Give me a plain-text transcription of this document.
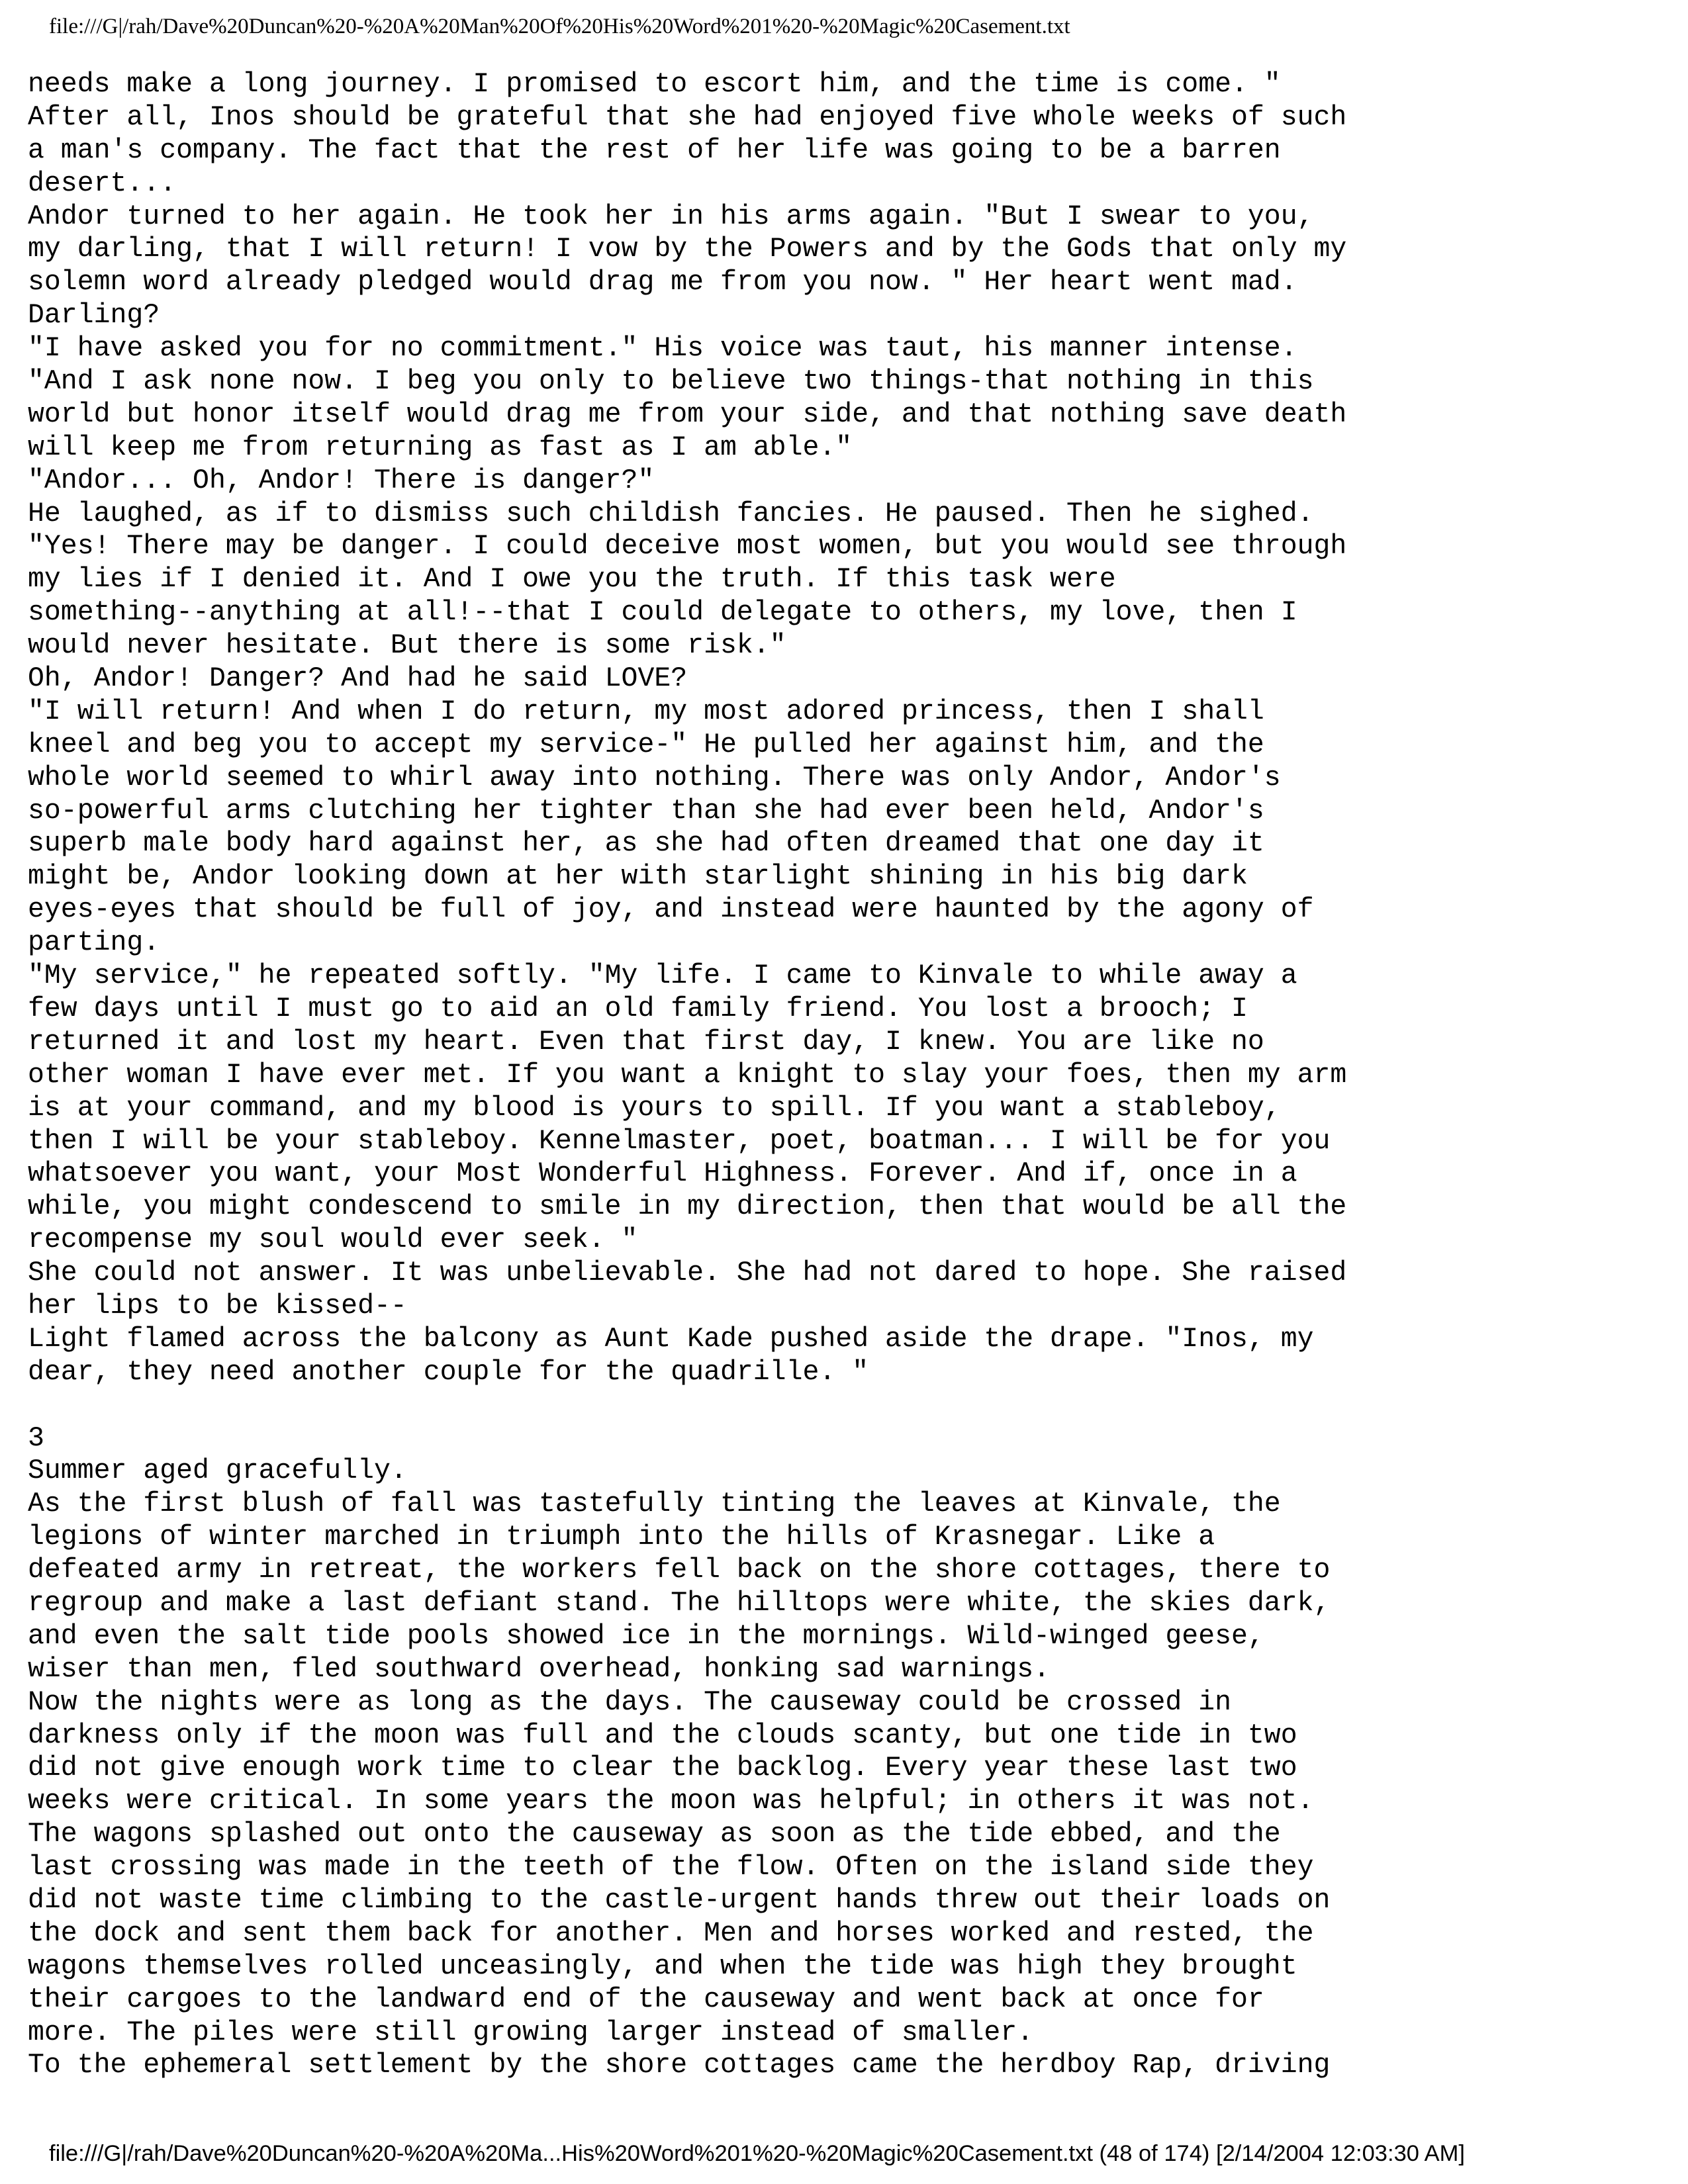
file:///G|/rah/Dave%20Duncan%20-%20A%20Man%20Of%20His%20Word%201%20-%20Magic%20Casement.txt
needs make a long journey. I promised to escort him, and the time is come. "
After all, Inos should be grateful that she had enjoyed five whole weeks of such
a man's company. The fact that the rest of her life was going to be a barren
desert...
Andor turned to her again. He took her in his arms again. "But I swear to you,
my darling, that I will return! I vow by the Powers and by the Gods that only my
solemn word already pledged would drag me from you now. " Her heart went mad.
Darling?
"I have asked you for no commitment." His voice was taut, his manner intense.
"And I ask none now. I beg you only to believe two things-that nothing in this
world but honor itself would drag me from your side, and that nothing save death
will keep me from returning as fast as I am able."
"Andor... Oh, Andor! There is danger?"
He laughed, as if to dismiss such childish fancies. He paused. Then he sighed.
"Yes! There may be danger. I could deceive most women, but you would see through
my lies if I denied it. And I owe you the truth. If this task were
something--anything at all!--that I could delegate to others, my love, then I
would never hesitate. But there is some risk."
Oh, Andor! Danger? And had he said LOVE?
"I will return! And when I do return, my most adored princess, then I shall
kneel and beg you to accept my service-" He pulled her against him, and the
whole world seemed to whirl away into nothing. There was only Andor, Andor's
so-powerful arms clutching her tighter than she had ever been held, Andor's
superb male body hard against her, as she had often dreamed that one day it
might be, Andor looking down at her with starlight shining in his big dark
eyes-eyes that should be full of joy, and instead were haunted by the agony of
parting.
"My service," he repeated softly. "My life. I came to Kinvale to while away a
few days until I must go to aid an old family friend. You lost a brooch; I
returned it and lost my heart. Even that first day, I knew. You are like no
other woman I have ever met. If you want a knight to slay your foes, then my arm
is at your command, and my blood is yours to spill. If you want a stableboy,
then I will be your stableboy. Kennelmaster, poet, boatman... I will be for you
whatsoever you want, your Most Wonderful Highness. Forever. And if, once in a
while, you might condescend to smile in my direction, then that would be all the
recompense my soul would ever seek. "
She could not answer. It was unbelievable. She had not dared to hope. She raised
her lips to be kissed--
Light flamed across the balcony as Aunt Kade pushed aside the drape. "Inos, my
dear, they need another couple for the quadrille. "
3
Summer aged gracefully.
As the first blush of fall was tastefully tinting the leaves at Kinvale, the
legions of winter marched in triumph into the hills of Krasnegar. Like a
defeated army in retreat, the workers fell back on the shore cottages, there to
regroup and make a last defiant stand. The hilltops were white, the skies dark,
and even the salt tide pools showed ice in the mornings. Wild-winged geese,
wiser than men, fled southward overhead, honking sad warnings.
Now the nights were as long as the days. The causeway could be crossed in
darkness only if the moon was full and the clouds scanty, but one tide in two
did not give enough work time to clear the backlog. Every year these last two
weeks were critical. In some years the moon was helpful; in others it was not.
The wagons splashed out onto the causeway as soon as the tide ebbed, and the
last crossing was made in the teeth of the flow. Often on the island side they
did not waste time climbing to the castle-urgent hands threw out their loads on
the dock and sent them back for another. Men and horses worked and rested, the
wagons themselves rolled unceasingly, and when the tide was high they brought
their cargoes to the landward end of the causeway and went back at once for
more. The piles were still growing larger instead of smaller.
To the ephemeral settlement by the shore cottages came the herdboy Rap, driving
file:///G|/rah/Dave%20Duncan%20-%20A%20Ma...His%20Word%201%20-%20Magic%20Casement.txt (48 of 174) [2/14/2004 12:03:30 AM]
